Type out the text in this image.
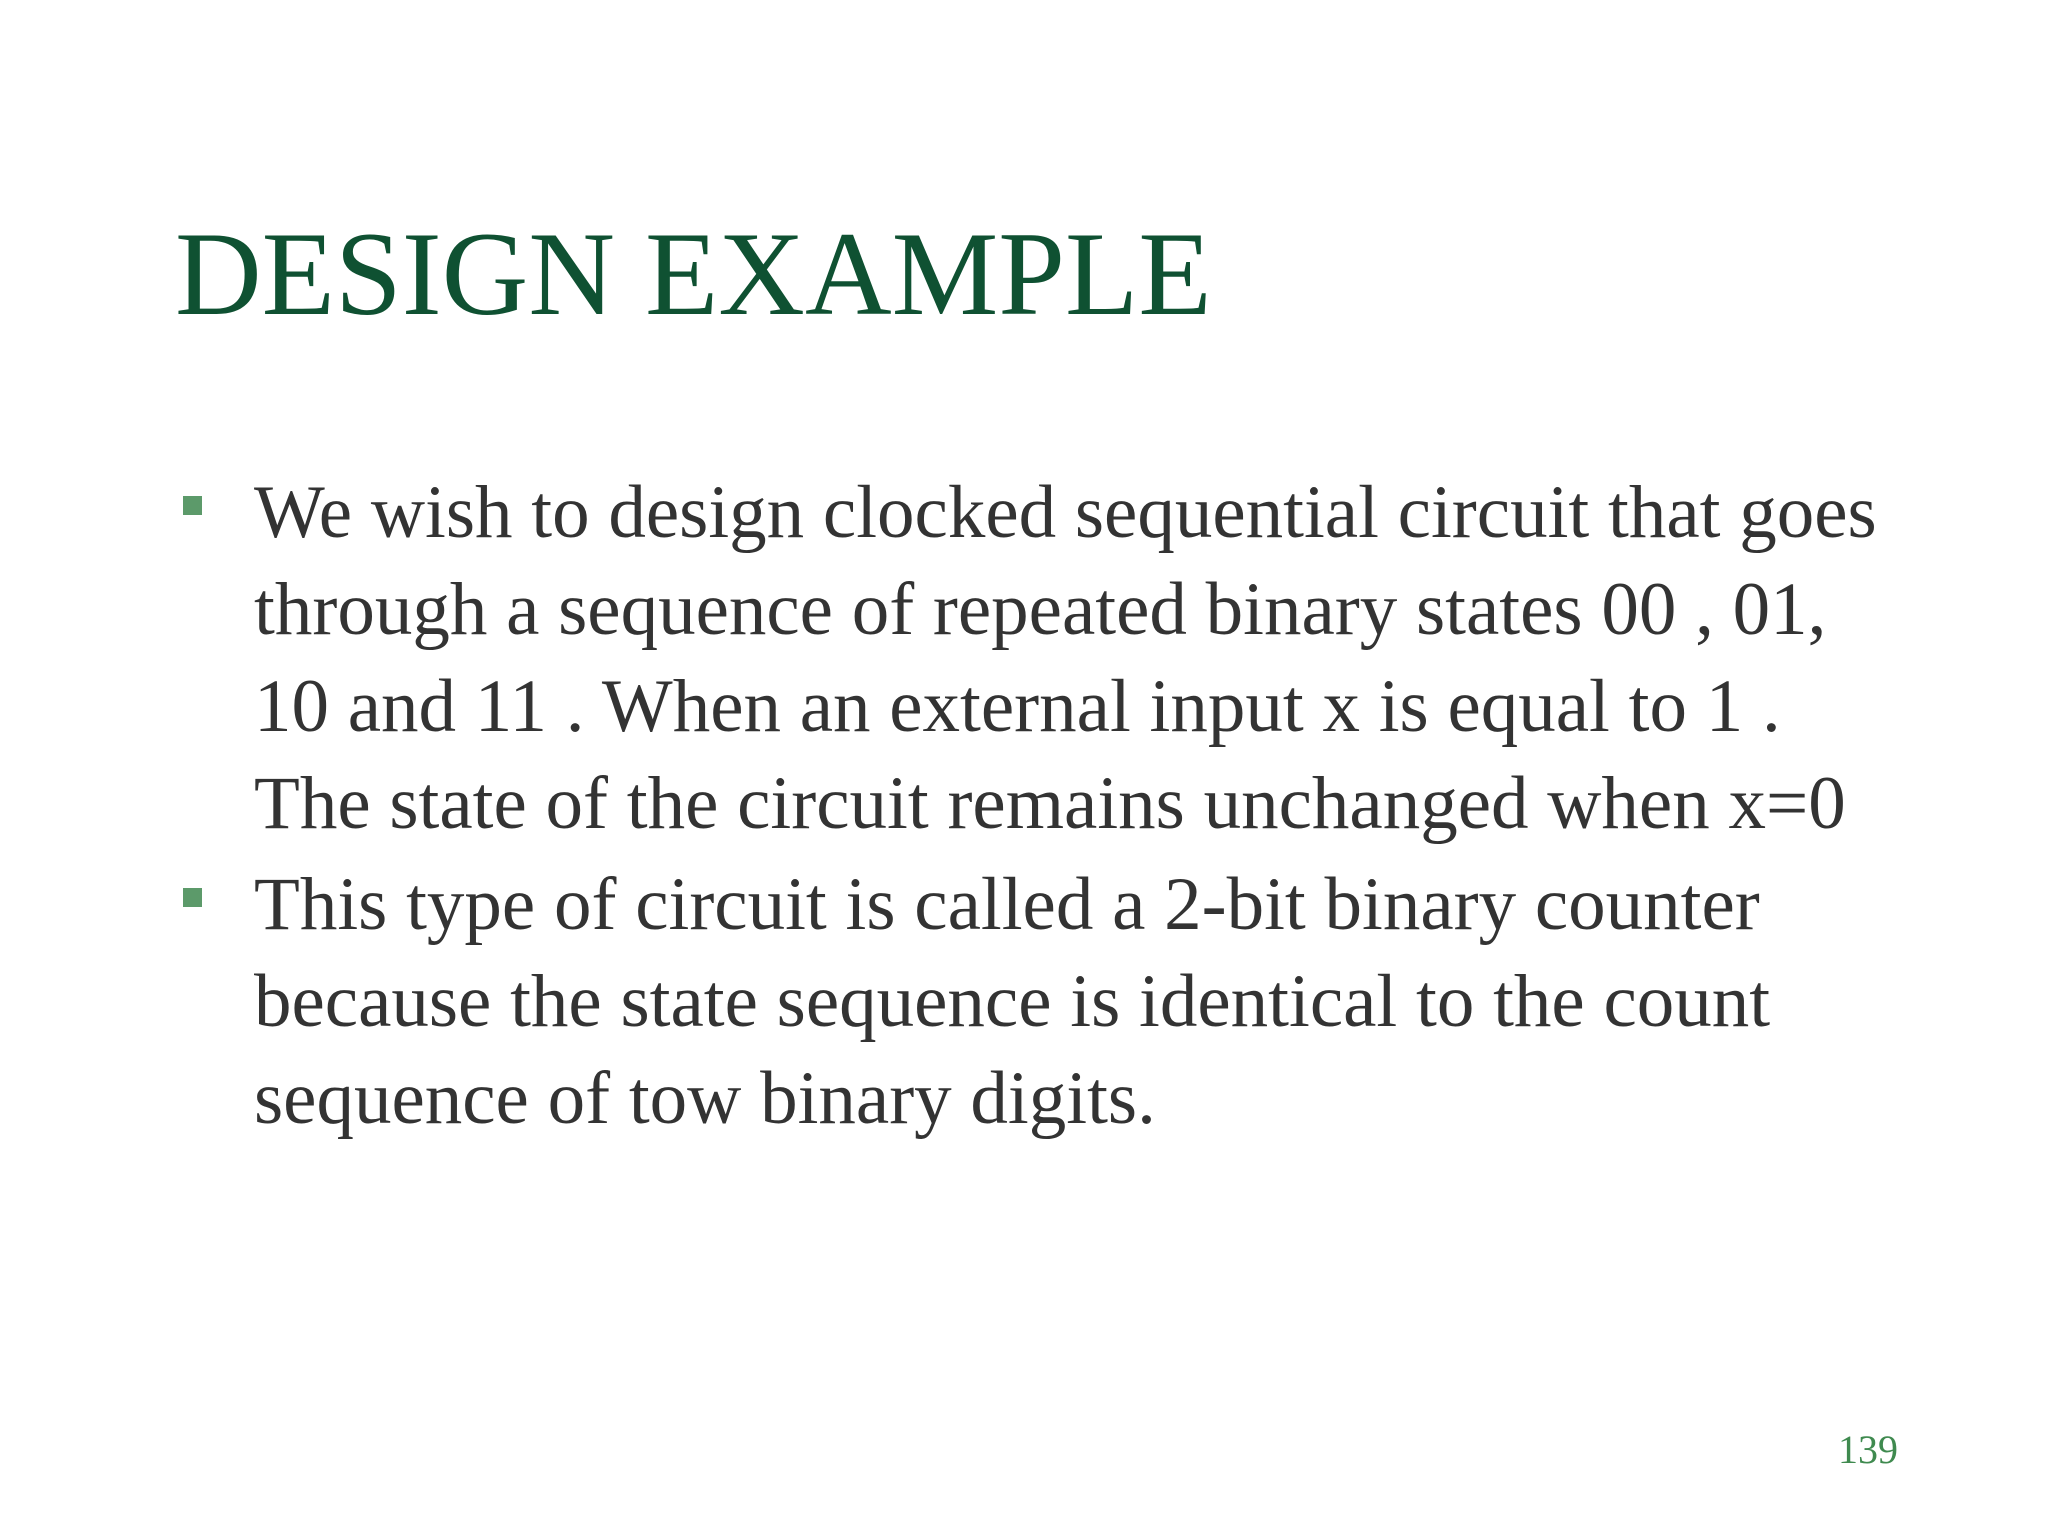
DESIGN EXAMPLE
We wish to design clocked sequential circuit that goes through a sequence of repeated binary states 00 , 01, 10 and 11 . When an external input x is equal to 1 . The state of the circuit remains unchanged when x=0
This type of circuit is called a 2-bit binary counter because the state sequence is identical to the count sequence of tow binary digits.
139
